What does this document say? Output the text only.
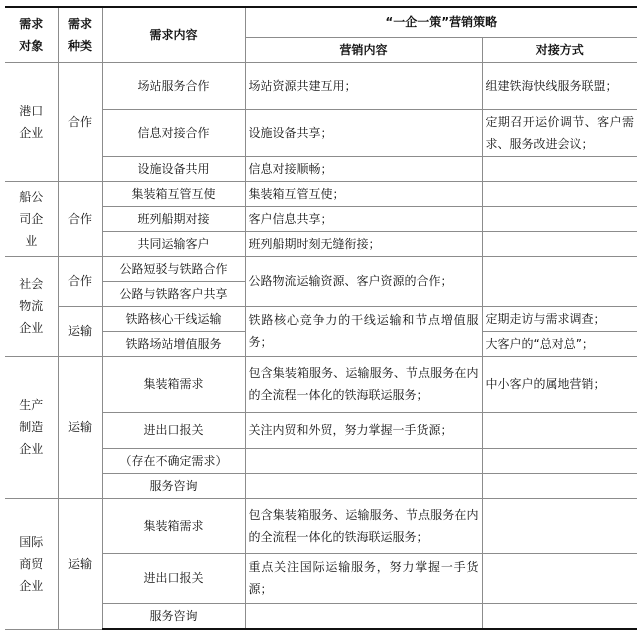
需求
对象	需求
种类	需求内容	“一企一策”营销策略	
			营销内容	对接方式
港口
企业	合作	场站服务合作	场站资源共建互用；	组建铁海快线服务联盟；
		信息对接合作	设施设备共享；	定期召开运价调节、客户需求、服务改进会议；
		设施设备共用	信息对接顺畅；	
船公
司企
业	合作	集装箱互管互使	集装箱互管互使；	
		班列船期对接	客户信息共享；	
		共同运输客户	班列船期时刻无缝衔接；	
社会
物流
企业	合作	公路短驳与铁路合作	公路物流运输资源、客户资源的合作；	
		公路与铁路客户共享		
	运输	铁路核心干线运输	铁路核心竞争力的干线运输和节点增值服务；	定期走访与需求调查；
		铁路场站增值服务		大客户的“总对总”；
生产
制造
企业	运输	集装箱需求	包含集装箱服务、运输服务、节点服务在内的全流程一体化的铁海联运服务；	中小客户的属地营销；
		进出口报关	关注内贸和外贸，努力掌握一手货源；	
		（存在不确定需求）		
		服务咨询		
国际
商贸
企业	运输	集装箱需求	包含集装箱服务、运输服务、节点服务在内的全流程一体化的铁海联运服务；	
		进出口报关	重点关注国际运输服务，努力掌握一手货源；	
		服务咨询		
